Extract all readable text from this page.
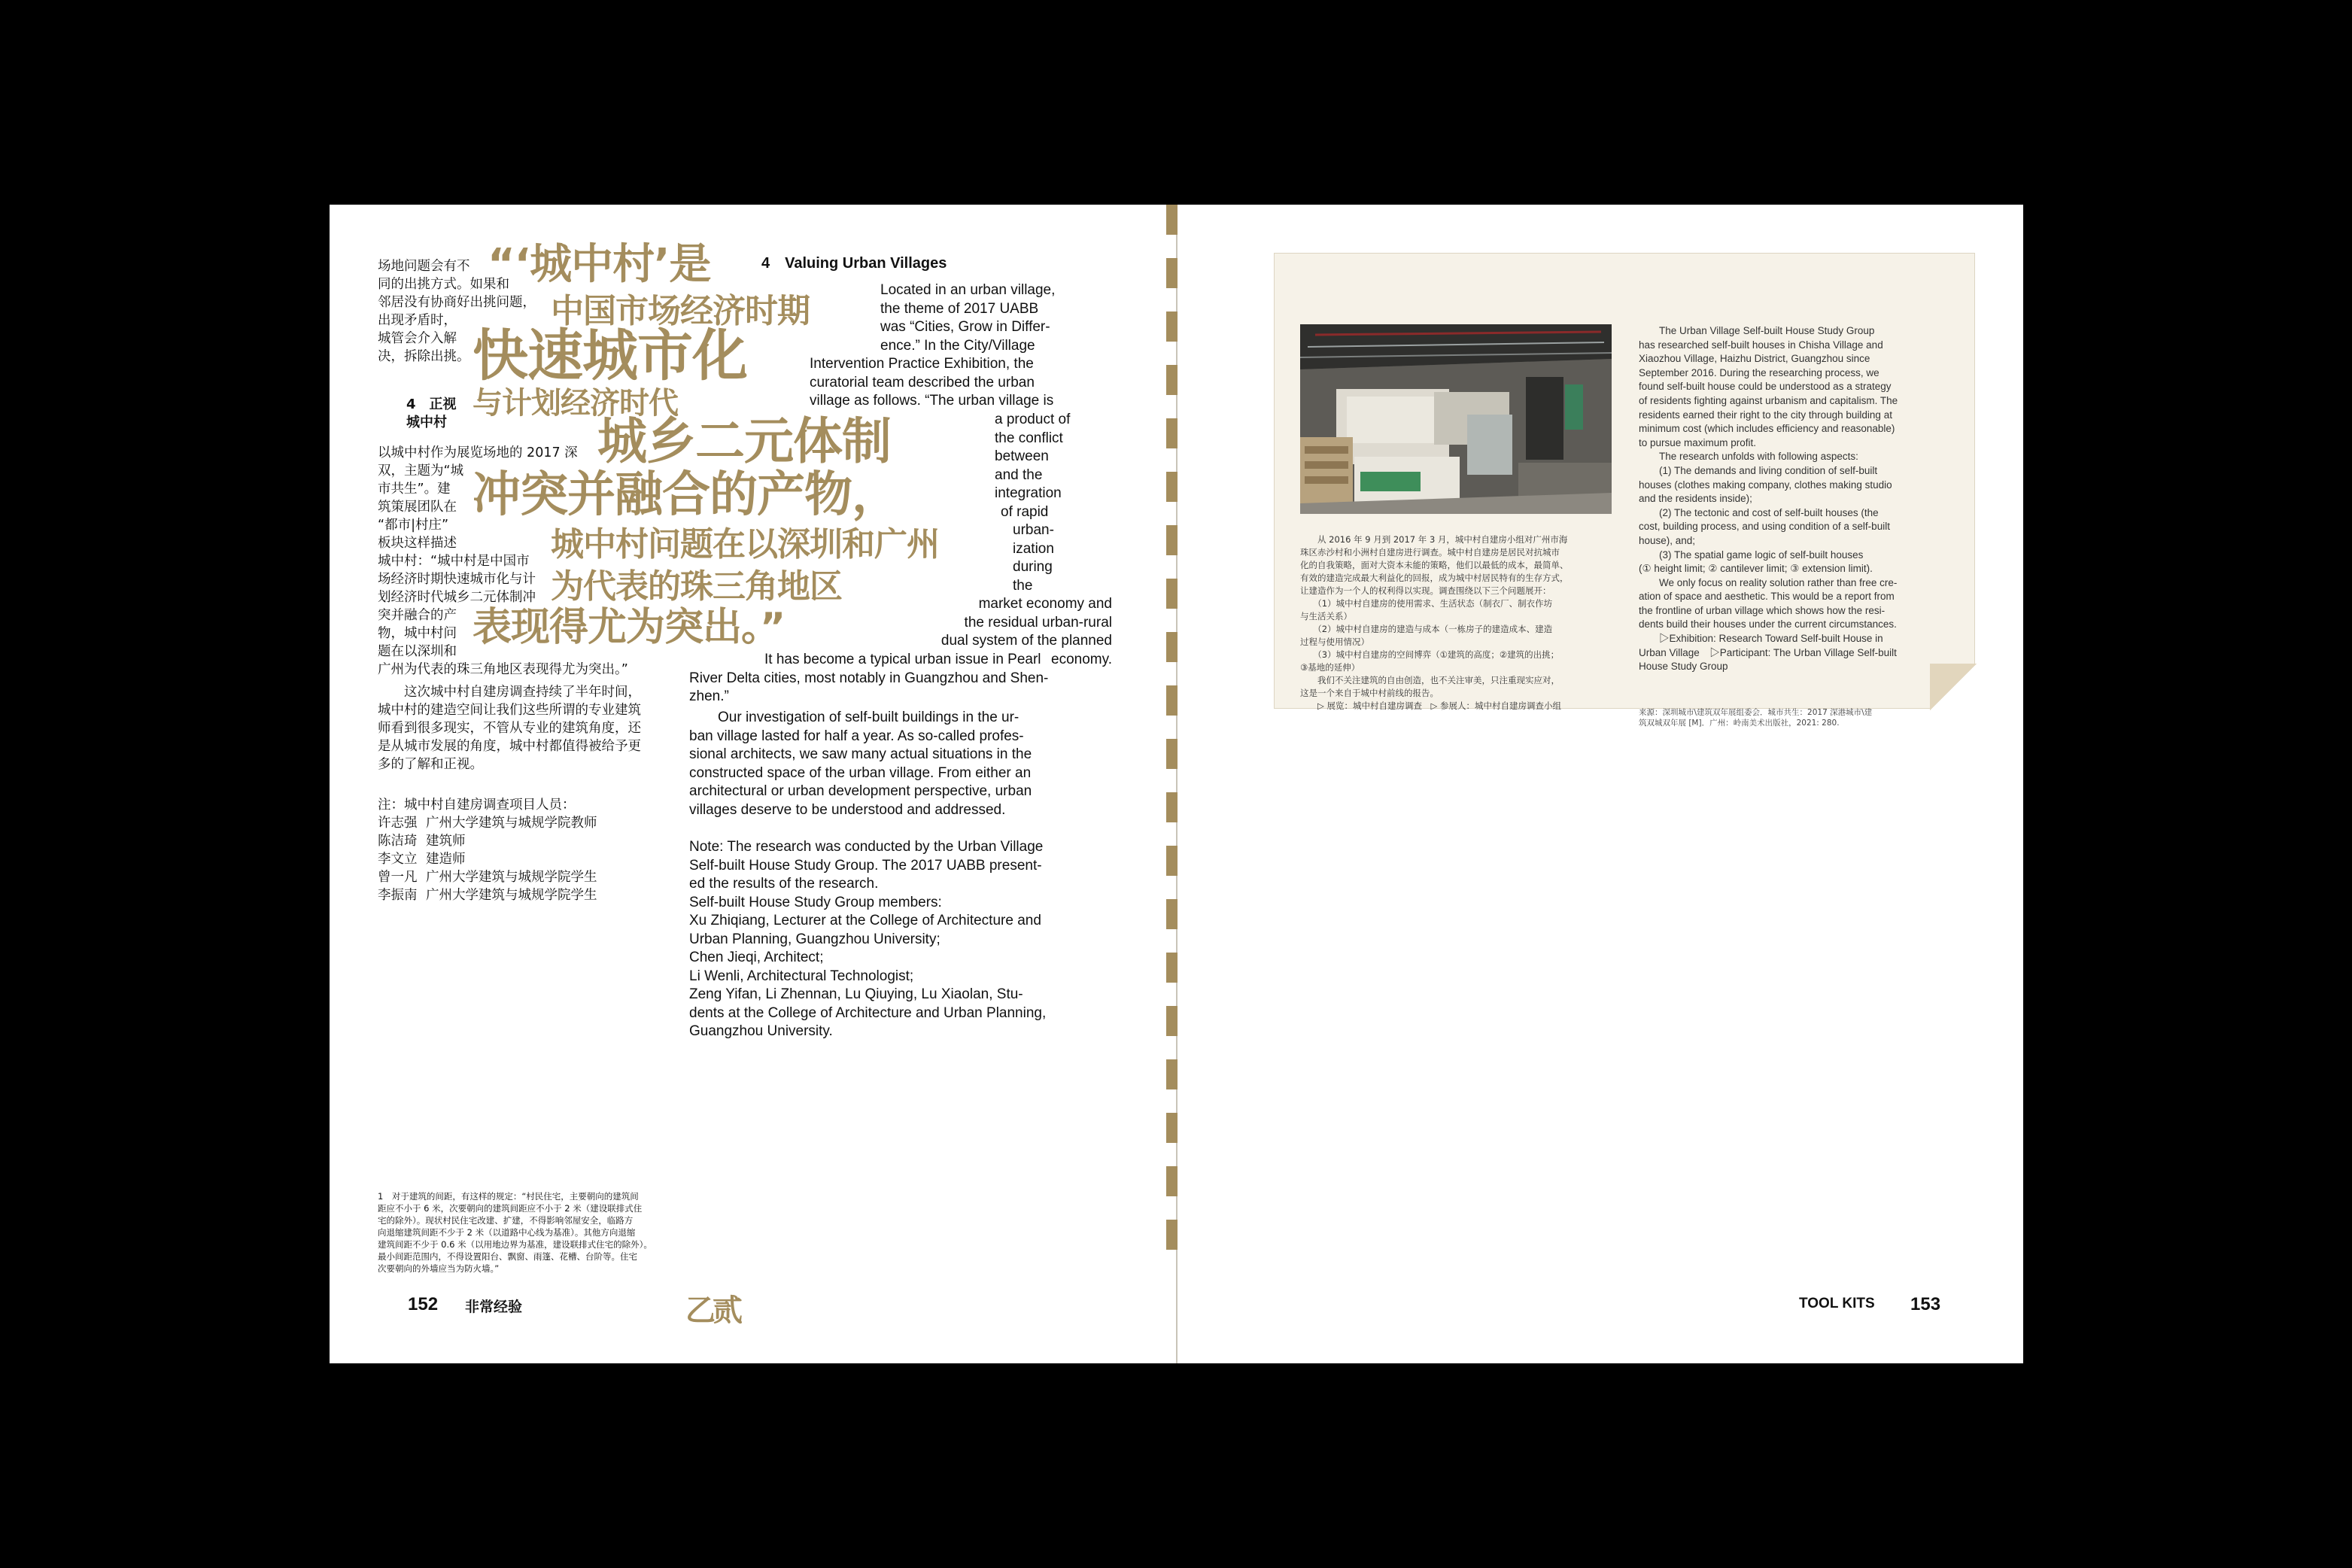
场地问题会有不

同的出挑方式。如果和

邻居没有协商好出挑问题，

出现矛盾时，

城管会介入解

决，拆除出挑。

4　正视
城中村

以城中村作为展览场地的 2017 深

双，主题为“城

市共生”。建

筑策展团队在

“都市|村庄”

板块这样描述

城中村：“城中村是中国市

场经济时期快速城市化与计

划经济时代城乡二元体制冲

突并融合的产

物，城中村问

题在以深圳和

广州为代表的珠三角地区表现得尤为突出。”

　　这次城中村自建房调查持续了半年时间，

城中村的建造空间让我们这些所谓的专业建筑

师看到很多现实，不管从专业的建筑角度，还

是从城市发展的角度，城中村都值得被给予更

多的了解和正视。

注：城中村自建房调查项目人员：

许志强 广州大学建筑与城规学院教师

陈洁琦 建筑师

李文立 建造师

曾一凡 广州大学建筑与城规学院学生

李振南 广州大学建筑与城规学院学生

“‘城中村’是
中国市场经济时期
快速城市化
与计划经济时代
城乡二元体制
冲突并融合的产物，
城中村问题在以深圳和广州
为代表的珠三角地区
表现得尤为突出。”
4　Valuing Urban Villages

Located in an urban village,

the theme of 2017 UABB

was “Cities, Grow in Differ-

ence.” In the City/Village

Intervention Practice Exhibition, the

curatorial team described the urban

village as follows. “The urban village is

a product of

the conflict

between

and the

integration

of rapid

urban-

ization

during

the

market economy and

the residual urban-rural

dual system of the planned economy.

It has become a typical urban issue in Pearl

River Delta cities, most notably in Guangzhou and Shen-

zhen.”

　　Our investigation of self-built buildings in the ur-

ban village lasted for half a year. As so-called profes-

sional architects, we saw many actual situations in the

constructed space of the urban village. From either an

architectural or urban development perspective, urban

villages deserve to be understood and addressed.

Note: The research was conducted by the Urban Village

Self-built House Study Group. The 2017 UABB present-

ed the results of the research.

Self-built House Study Group members:

Xu Zhiqiang, Lecturer at the College of Architecture and

Urban Planning, Guangzhou University;

Chen Jieqi, Architect;

Li Wenli, Architectural Technologist;

Zeng Yifan, Li Zhennan, Lu Qiuying, Lu Xiaolan, Stu-

dents at the College of Architecture and Urban Planning,

Guangzhou University.

1　对于建筑的间距，有这样的规定：“村民住宅，主要朝向的建筑间
距应不小于 6 米，次要朝向的建筑间距应不小于 2 米（建设联排式住
宅的除外）。现状村民住宅改建、扩建，不得影响邻屋安全，临路方
向退缩建筑间距不少于 2 米（以道路中心线为基准）。其他方向退缩
建筑间距不少于 0.6 米（以用地边界为基准，建设联排式住宅的除外）。
最小间距范围内，不得设置阳台、飘窗、雨篷、花槽、台阶等。住宅
次要朝向的外墙应当为防火墙。”
152 非常经验	乙贰

　　从 2016 年 9 月到 2017 年 3 月，城中村自建房小组对广州市海

珠区赤沙村和小洲村自建房进行调查。城中村自建房是居民对抗城市

化的自我策略，面对大资本未能的策略，他们以最低的成本，最简单、

有效的建造完成最大利益化的回报，成为城中村居民特有的生存方式，

让建造作为一个人的权利得以实现。调查围绕以下三个问题展开：

　　（1）城中村自建房的使用需求、生活状态（制衣厂、制衣作坊

与生活关系）

　　（2）城中村自建房的建造与成本（一栋房子的建造成本、建造

过程与使用情况）

　　（3）城中村自建房的空间博弈（①建筑的高度；②建筑的出挑；

③基地的延伸）

　　我们不关注建筑的自由创造，也不关注审美，只注重现实应对，

这是一个来自于城中村前线的报告。

　　▷ 展览：城中村自建房调查　▷ 参展人：城中村自建房调查小组

　　The Urban Village Self-built House Study Group

has researched self-built houses in Chisha Village and

Xiaozhou Village, Haizhu District, Guangzhou since

September 2016. During the researching process, we

found self-built house could be understood as a strategy

of residents fighting against urbanism and capitalism. The

residents earned their right to the city through building at

minimum cost (which includes efficiency and reasonable)

to pursue maximum profit.

　　The research unfolds with following aspects:

　　(1) The demands and living condition of self-built

houses (clothes making company, clothes making studio

and the residents inside);

　　(2) The tectonic and cost of self-built houses (the

cost, building process, and using condition of a self-built

house), and;

　　(3) The spatial game logic of self-built houses

(① height limit; ② cantilever limit; ③ extension limit).

　　We only focus on reality solution rather than free cre-

ation of space and aesthetic. This would be a report from

the frontline of urban village which shows how the resi-

dents build their houses under the current circumstances.

　　▷Exhibition: Research Toward Self-built House in

Urban Village　▷Participant: The Urban Village Self-built

House Study Group

来源：深圳城市\建筑双年展组委会．城市共生：2017 深港城市\建
筑双城双年展 [M]．广州：岭南美术出版社，2021: 280.
TOOL KITS 153
